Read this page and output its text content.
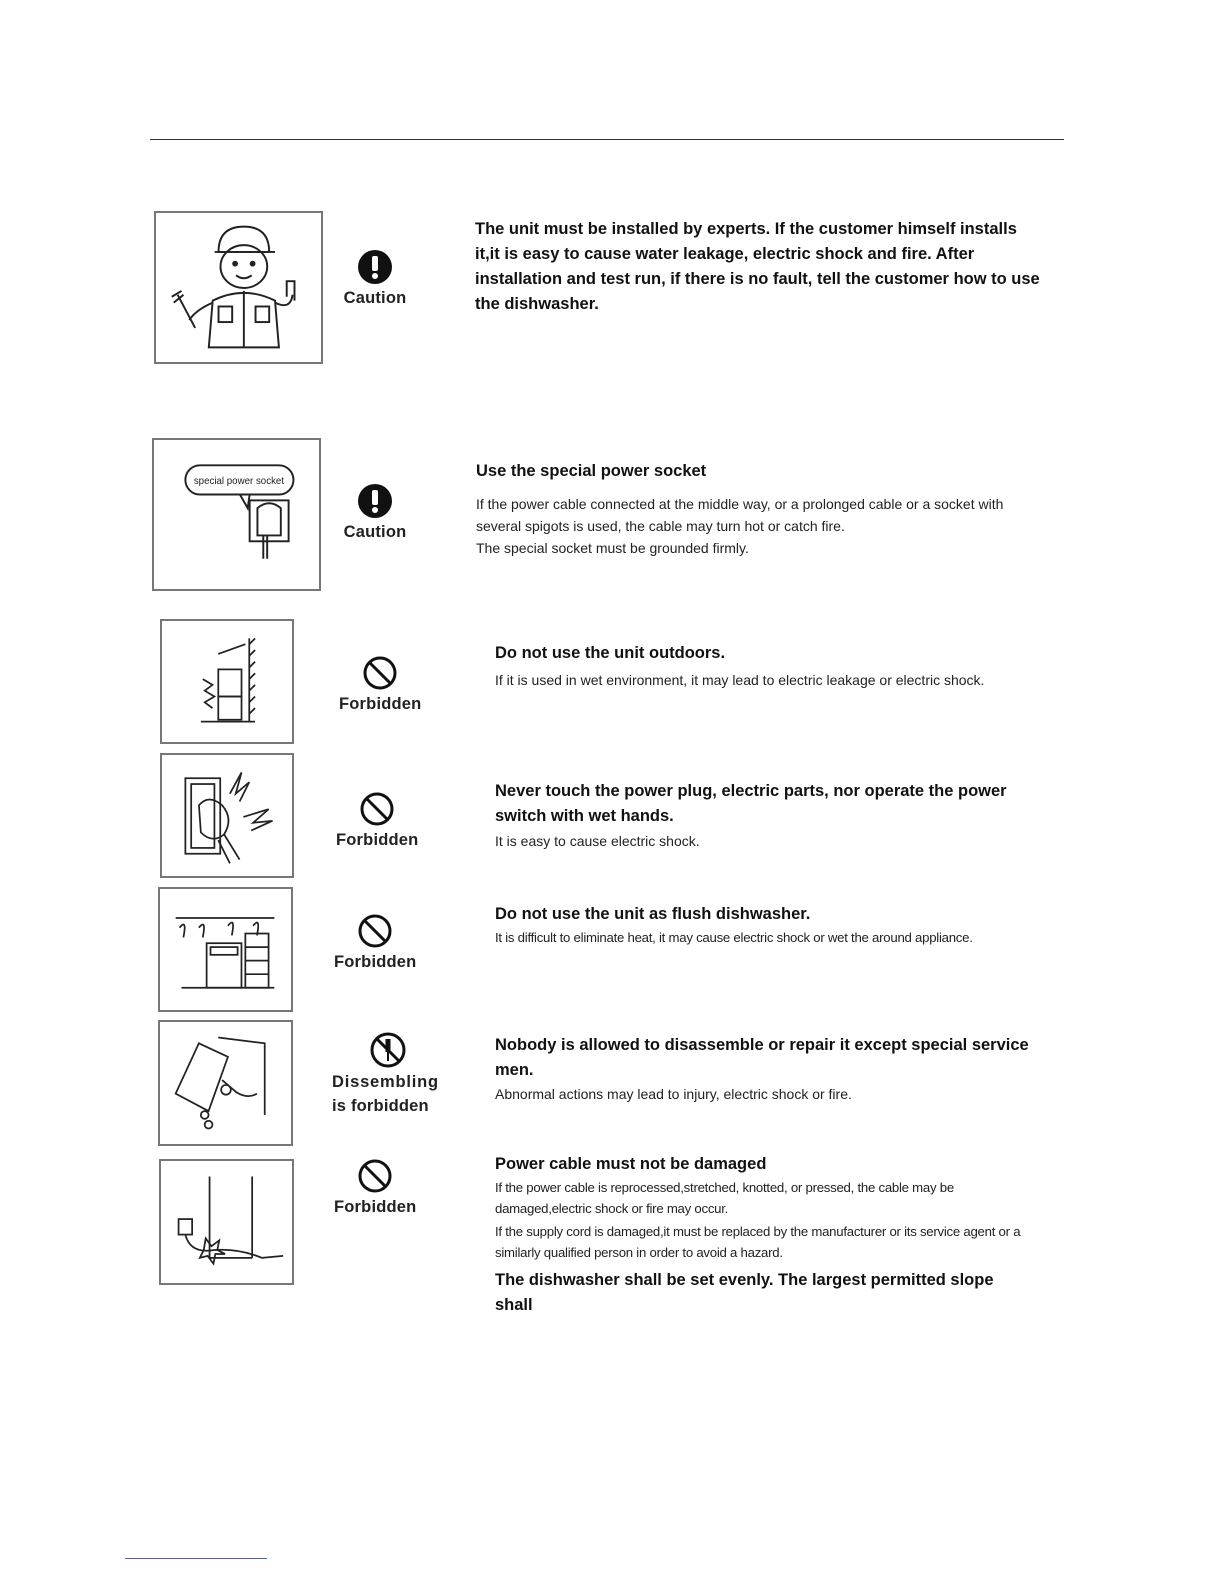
Caution

The unit must be installed by experts. If the customer himself installs it,it is easy to cause water leakage, electric shock and fire. After installation and test run, if there is no fault, tell the customer how to use the dishwasher.

special power socket
Caution

Use the special power socket

If the power cable connected at the middle way, or a prolonged cable or a socket with several spigots is used, the cable may turn hot or catch fire.

The special socket must be grounded firmly.

Forbidden

Do not use the unit outdoors.

If it is used in wet environment, it may lead to electric leakage or electric shock.

Forbidden

Never touch the power plug, electric parts, nor operate the power switch with wet hands.

It is easy to cause electric shock.

Forbidden

Do not use the unit as flush dishwasher.

It is difficult to eliminate heat, it may cause electric shock or wet the around appliance.

Dissembling
is forbidden

Nobody is allowed to disassemble or repair it except special service men.

Abnormal actions may lead to injury, electric shock or fire.

Forbidden

Power cable must not be damaged

If the power cable is reprocessed,stretched, knotted, or pressed, the cable may be damaged,electric shock or fire may occur.

If the supply cord is damaged,it must be replaced by the manufacturer or its service agent or a similarly qualified person in order to avoid a hazard.

The dishwasher shall be set evenly. The largest permitted slope shall
